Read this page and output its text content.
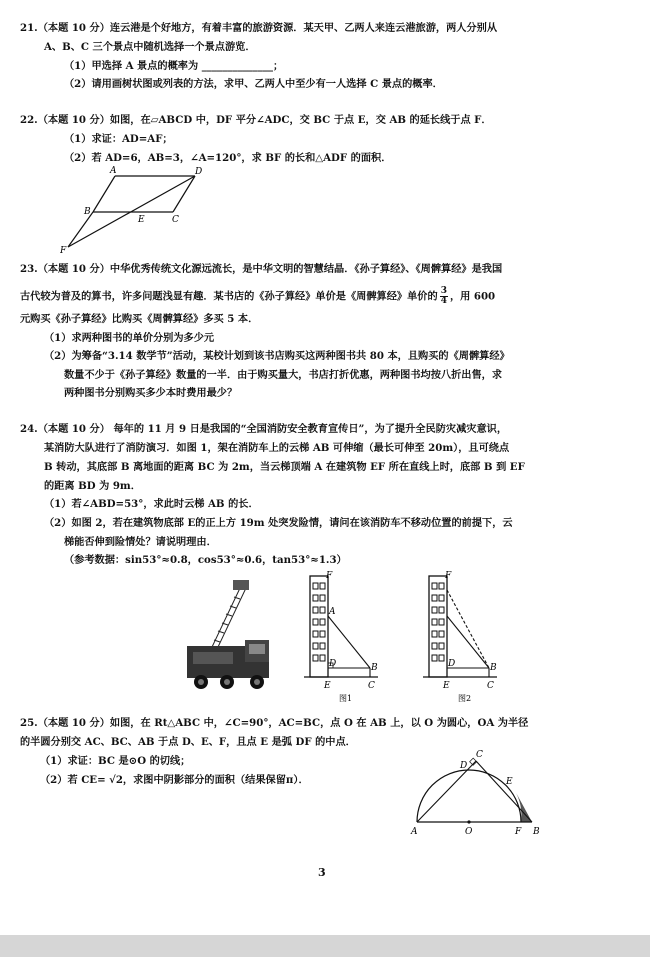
21.（本题 10 分）连云港是个好地方，有着丰富的旅游资源．某天甲、乙两人来连云港旅游，两人分别从
A、B、C 三个景点中随机选择一个景点游览．
（1）甲选择 A 景点的概率为 ______________；
（2）请用画树状图或列表的方法，求甲、乙两人中至少有一人选择 C 景点的概率．
22.（本题 10 分）如图，在▱ABCD 中，DF 平分∠ADC，交 BC 于点 E，交 AB 的延长线于点 F．
（1）求证：AD=AF；
（2）若 AD=6，AB=3，∠A=120°，求 BF 的长和△ADF 的面积．
A	D
B
E	C
F
23.（本题 10 分）中华优秀传统文化源远流长，是中华文明的智慧结晶．《孙子算经》、《周髀算经》是我国
古代较为普及的算书，许多问题浅显有趣．某书店的《孙子算经》单价是《周髀算经》单价的 $\frac{3}{4}$ ，用 600
元购买《孙子算经》比购买《周髀算经》多买 5 本．
（1）求两种图书的单价分别为多少元
（2）为筹备“3.14 数学节”活动，某校计划到该书店购买这两种图书共 80 本，且购买的《周髀算经》
数量不少于《孙子算经》数量的一半．由于购买量大，书店打折优惠，两种图书均按八折出售，求
两种图书分别购买多少本时费用最少？
24.（本题 10 分） 每年的 11 月 9 日是我国的“全国消防安全教育宣传日”，为了提升全民防灾减灾意识，
某消防大队进行了消防演习．如图 1，架在消防车上的云梯 AB 可伸缩（最长可伸至 20m），且可绕点
B 转动，其底部 B 离地面的距离 BC 为 2m，当云梯顶端 A 在建筑物 EF 所在直线上时，底部 B 到 EF
的距离 BD 为 9m．
（1）若∠ABD=53°，求此时云梯 AB 的长．
（2）如图 2，若在建筑物底部 E的正上方 19m 处突发险情，请问在该消防车不移动位置的前提下，云
梯能否伸到险情处？请说明理由．
（参考数据：sin53°≈0.8，cos53°≈0.6，tan53°≈1.3）
F
A
D	B
E	C
图1
F
D	B
E	C
图2
25.（本题 10 分）如图，在 Rt△ABC 中，∠C=90°，AC=BC，点 O 在 AB 上，以 O 为圆心，OA 为半径
的半圆分别交 AC、BC、AB 于点 D、E、F，且点 E 是弧 DF 的中点．
（1）求证：BC 是⊙O 的切线；
（2）若 CE= √2，求图中阴影部分的面积（结果保留π）．
A	O	F B
C
D
E
3
